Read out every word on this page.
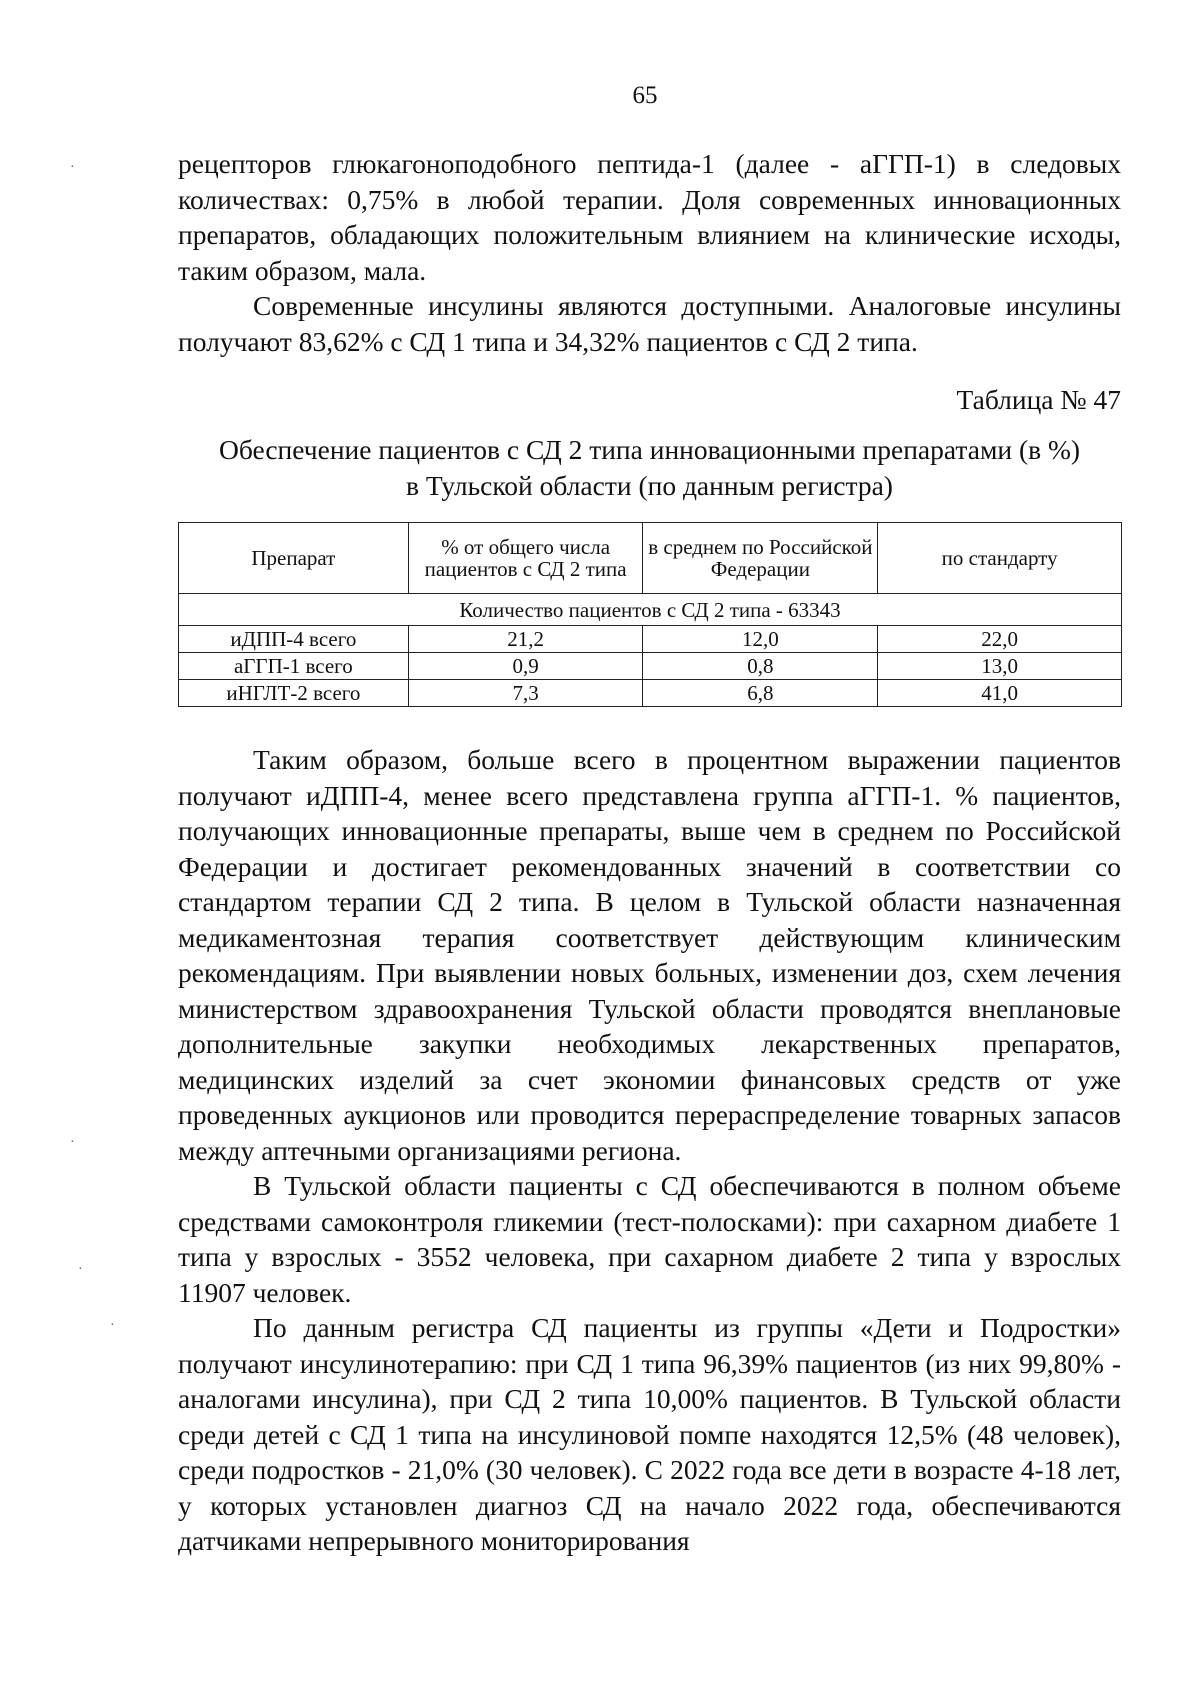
65

рецепторов глюкагоноподобного пептида-1 (далее - аГГП-1) в следовых количествах: 0,75% в любой терапии. Доля современных инновационных препаратов, обладающих положительным влиянием на клинические исходы, таким образом, мала.

Современные инсулины являются доступными. Аналоговые инсулины получают 83,62% с СД 1 типа и 34,32% пациентов с СД 2 типа.

Таблица № 47
Обеспечение пациентов с СД 2 типа инновационными препаратами (в %)
в Тульской области (по данным регистра)
Препарат	% от общего числа пациентов с СД 2 типа	в среднем по Российской Федерации	по стандарту
Количество пациентов с СД 2 типа - 63343			
иДПП-4 всего	21,2	12,0	22,0
аГГП-1 всего	0,9	0,8	13,0
иНГЛТ-2 всего	7,3	6,8	41,0

Таким образом, больше всего в процентном выражении пациентов получают иДПП-4, менее всего представлена группа аГГП-1. % пациентов, получающих инновационные препараты, выше чем в среднем по Российской Федерации и достигает рекомендованных значений в соответствии со стандартом терапии СД 2 типа. В целом в Тульской области назначенная медикаментозная терапия соответствует действующим клиническим рекомендациям. При выявлении новых больных, изменении доз, схем лечения министерством здравоохранения Тульской области проводятся внеплановые дополнительные закупки необходимых лекарственных препаратов, медицинских изделий за счет экономии финансовых средств от уже проведенных аукционов или проводится перераспределение товарных запасов между аптечными организациями региона.

В Тульской области пациенты с СД обеспечиваются в полном объеме средствами самоконтроля гликемии (тест-полосками): при сахарном диабете 1 типа у взрослых - 3552 человека, при сахарном диабете 2 типа у взрослых 11907 человек.

По данным регистра СД пациенты из группы «Дети и Подростки» получают инсулинотерапию: при СД 1 типа 96,39% пациентов (из них 99,80% - аналогами инсулина), при СД 2 типа 10,00% пациентов. В Тульской области среди детей с СД 1 типа на инсулиновой помпе находятся 12,5% (48 человек), среди подростков - 21,0% (30 человек). С 2022 года все дети в возрасте 4-18 лет, у которых установлен диагноз СД на начало 2022 года, обеспечиваются датчиками непрерывного мониторирования

·
·
·
·
